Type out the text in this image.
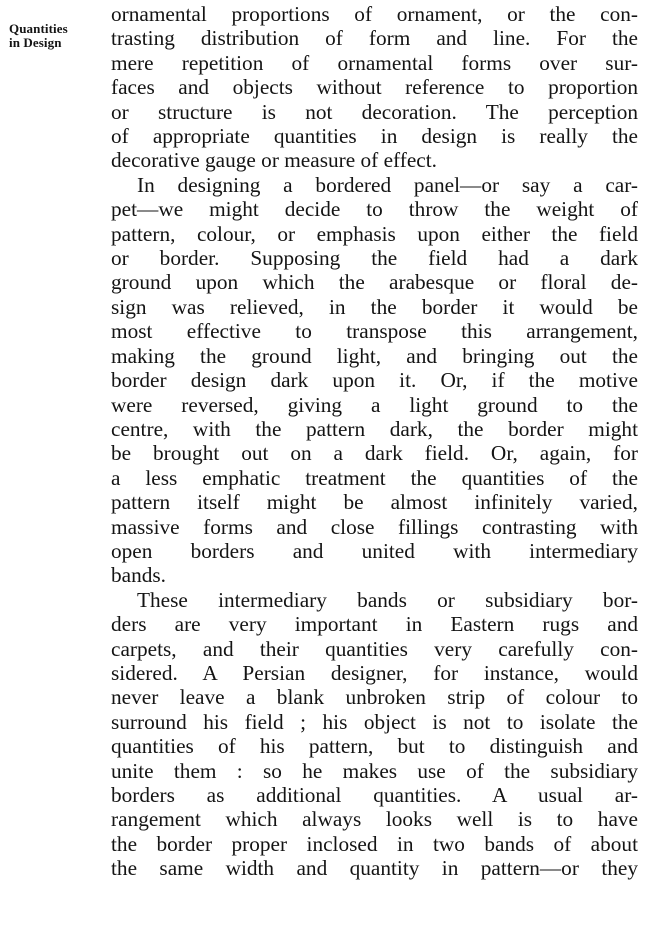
Quantities
in Design
ornamental proportions of ornament, or the con-
trasting distribution of form and line. For the
mere repetition of ornamental forms over sur-
faces and objects without reference to proportion
or structure is not decoration. The perception
of appropriate quantities in design is really the
decorative gauge or measure of effect.
In designing a bordered panel—or say a car-
pet—we might decide to throw the weight of
pattern, colour, or emphasis upon either the field
or border. Supposing the field had a dark
ground upon which the arabesque or floral de-
sign was relieved, in the border it would be
most effective to transpose this arrangement,
making the ground light, and bringing out the
border design dark upon it. Or, if the motive
were reversed, giving a light ground to the
centre, with the pattern dark, the border might
be brought out on a dark field. Or, again, for
a less emphatic treatment the quantities of the
pattern itself might be almost infinitely varied,
massive forms and close fillings contrasting with
open borders and united with intermediary
bands.
These intermediary bands or subsidiary bor-
ders are very important in Eastern rugs and
carpets, and their quantities very carefully con-
sidered. A Persian designer, for instance, would
never leave a blank unbroken strip of colour to
surround his field ; his object is not to isolate the
quantities of his pattern, but to distinguish and
unite them : so he makes use of the subsidiary
borders as additional quantities. A usual ar-
rangement which always looks well is to have
the border proper inclosed in two bands of about
the same width and quantity in pattern—or they
